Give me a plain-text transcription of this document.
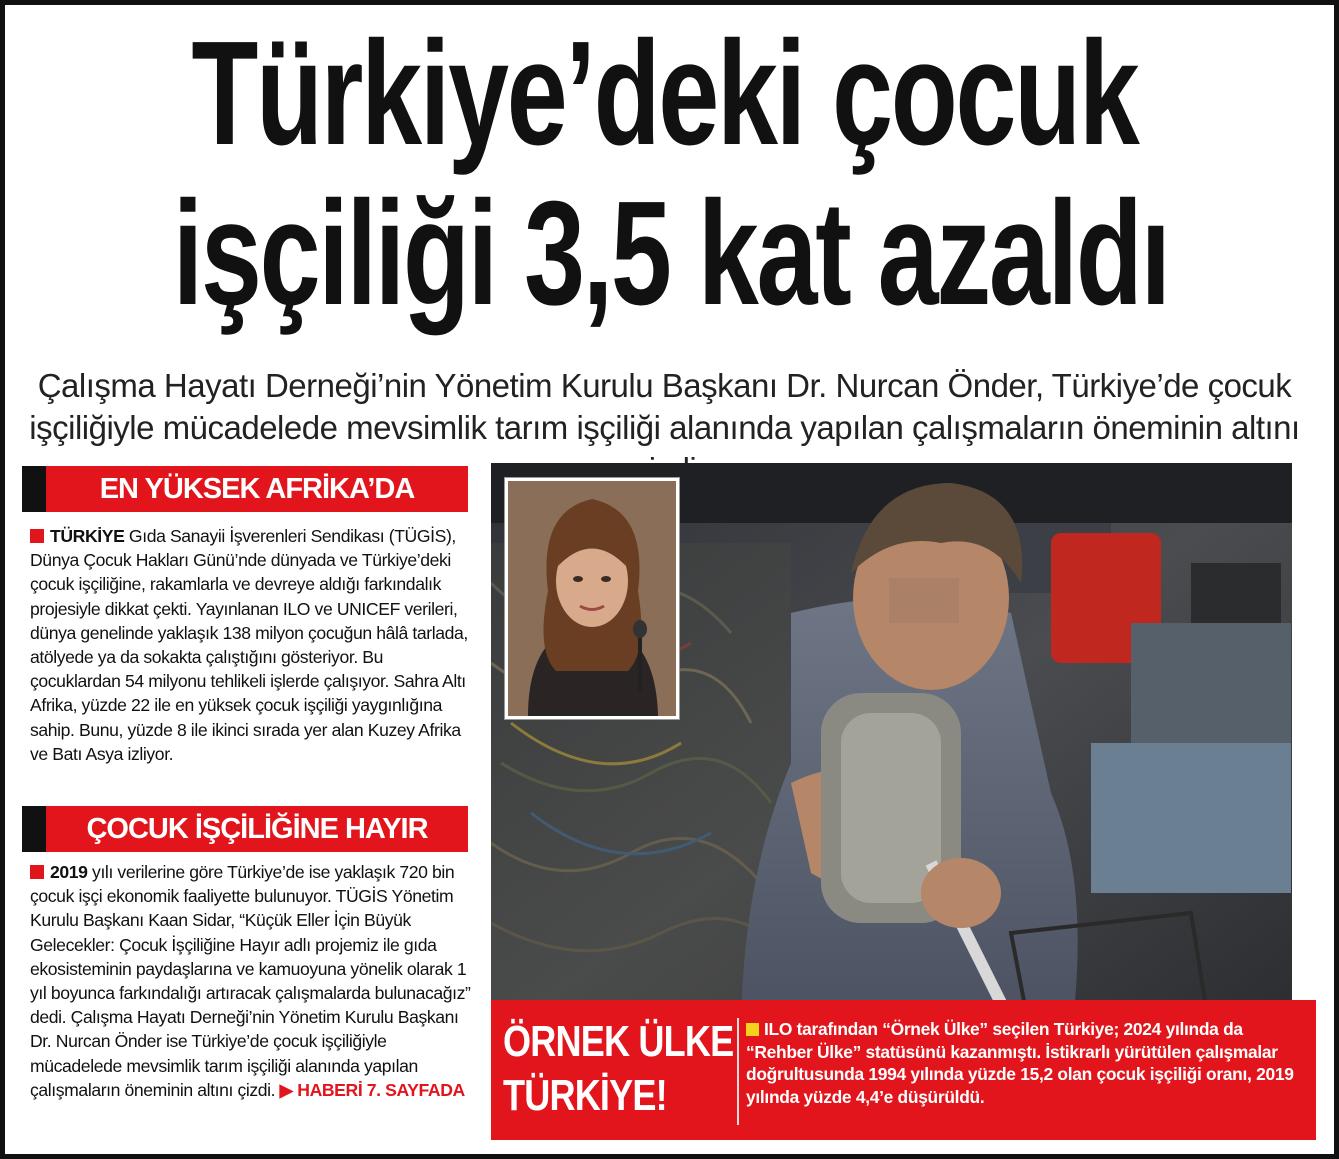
Türkiye’deki çocuk
işçiliği 3,5 kat azaldı
Çalışma Hayatı Derneği’nin Yönetim Kurulu Başkanı Dr. Nurcan Önder, Türkiye’de çocuk işçiliğiyle mücadelede mevsimlik tarım işçiliği alanında yapılan çalışmaların öneminin altını
EN YÜKSEK AFRİKA’DA
TÜRKİYE Gıda Sanayii İşverenleri Sendikası (TÜGİS), Dünya Çocuk Hakları Günü’nde dünyada ve Türkiye’deki çocuk işçiliğine, rakamlarla ve devreye aldığı farkındalık projesiyle dikkat çekti. Yayınlanan ILO ve UNICEF verileri, dünya genelinde yaklaşık 138 milyon çocuğun hâlâ tarlada, atölyede ya da sokakta çalıştığını gösteriyor. Bu çocuklardan 54 milyonu tehlikeli işlerde çalışıyor. Sahra Altı Afrika, yüzde 22 ile en yüksek çocuk işçiliği yaygınlığına sahip. Bunu, yüzde 8 ile ikinci sırada yer alan Kuzey Afrika ve Batı Asya izliyor.
ÇOCUK İŞÇİLİĞİNE HAYIR
2019 yılı verilerine göre Türkiye’de ise yaklaşık 720 bin çocuk işçi ekonomik faaliyette bulunuyor. TÜGİS Yönetim Kurulu Başkanı Kaan Sidar, “Küçük Eller İçin Büyük Gelecekler: Çocuk İşçiliğine Hayır adlı projemiz ile gıda ekosisteminin paydaşlarına ve kamuoyuna yönelik olarak 1 yıl boyunca farkındalığı artıracak çalışmalarda bulunacağız” dedi. Çalışma Hayatı Derneği’nin Yönetim Kurulu Başkanı Dr. Nurcan Önder ise Türkiye’de çocuk işçiliğiyle mücadelede mevsimlik tarım işçiliği alanında yapılan çalışmaların öneminin altını çizdi. ▶ HABERİ 7. SAYFADA
ÖRNEK ÜLKE
TÜRKİYE!
ILO tarafından “Örnek Ülke” seçilen Türkiye; 2024 yılında da “Rehber Ülke” statüsünü kazanmıştı. İstikrarlı yürütülen çalışmalar doğrultusunda 1994 yılında yüzde 15,2 olan çocuk işçiliği oranı, 2019 yılında yüzde 4,4’e düşürüldü.
